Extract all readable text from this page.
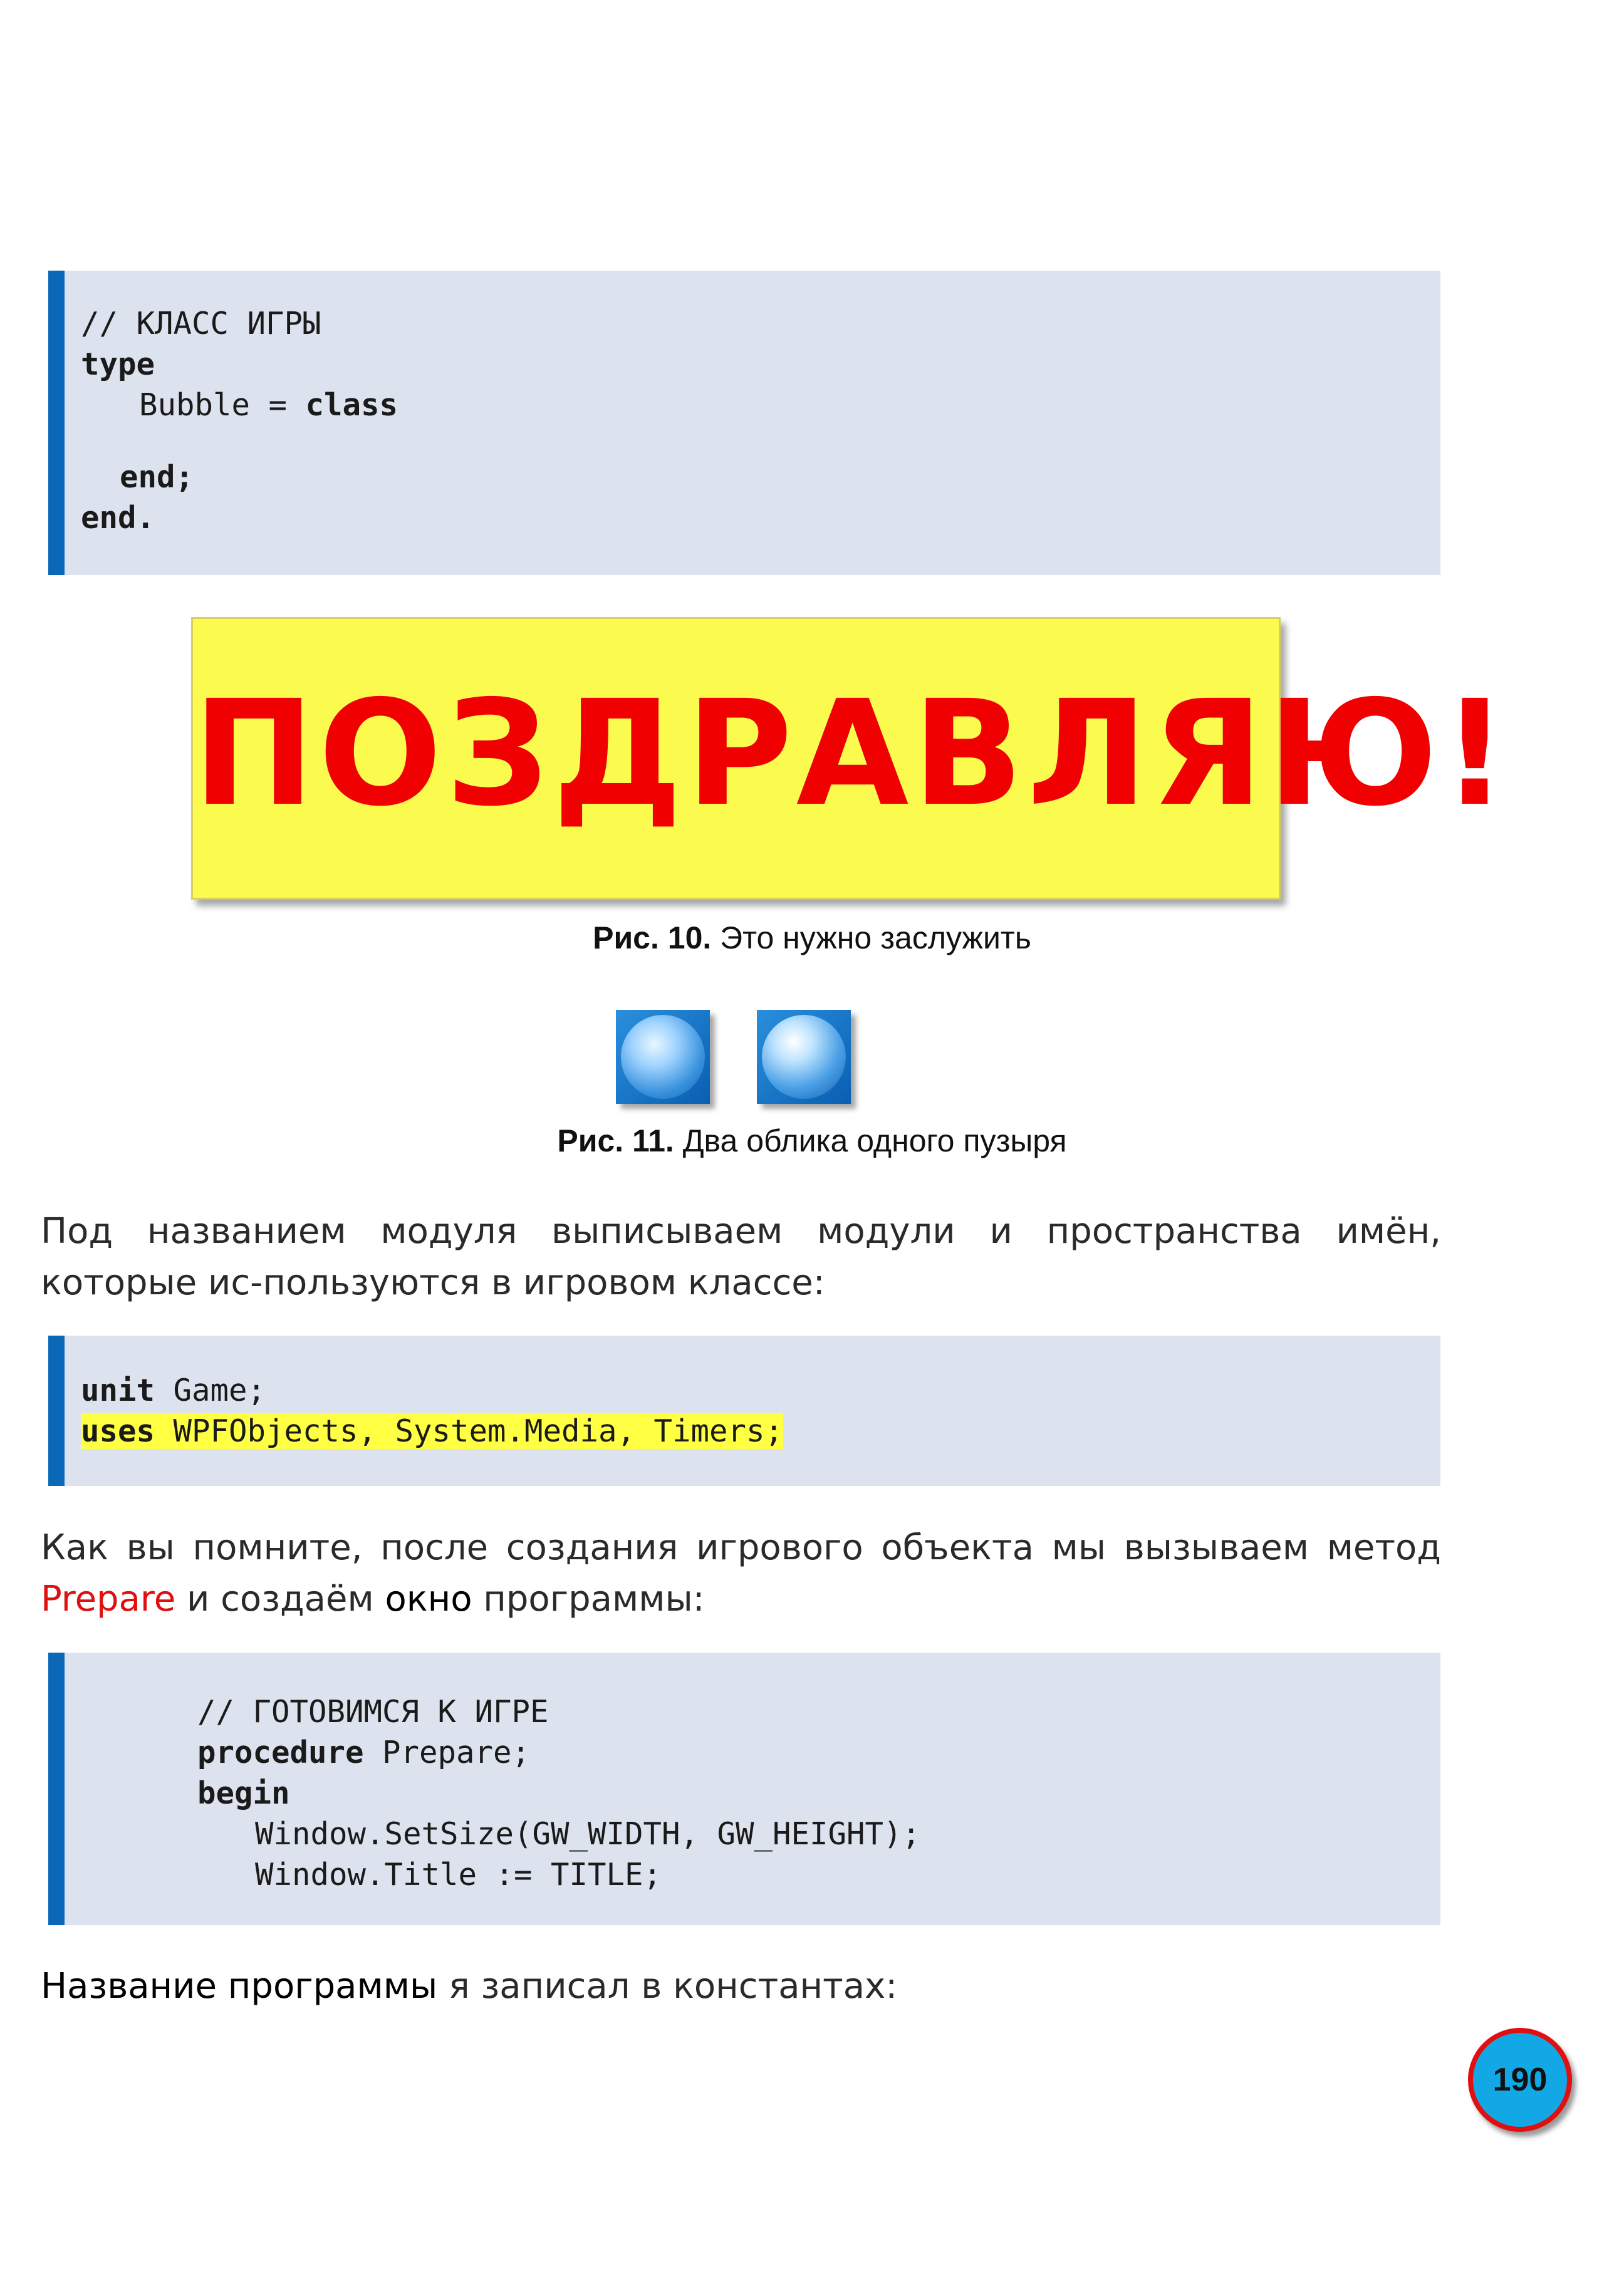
// КЛАСС ИГРЫ
type
Bubble = class
end;
end.
ПОЗДРАВЛЯЮ!
Рис. 10. Это нужно заслужить
Рис. 11. Два облика одного пузыря
Под названием модуля выписываем модули и пространства имён, которые ис-пользуются в игровом классе:
unit Game;
uses WPFObjects, System.Media, Timers;
Как вы помните, после создания игрового объекта мы вызываем метод Prepare и создаём окно программы:
// ГОТОВИМСЯ К ИГРЕ
procedure Prepare;
begin
Window.SetSize(GW_WIDTH, GW_HEIGHT);
Window.Title := TITLE;
Название программы я записал в константах:
190
